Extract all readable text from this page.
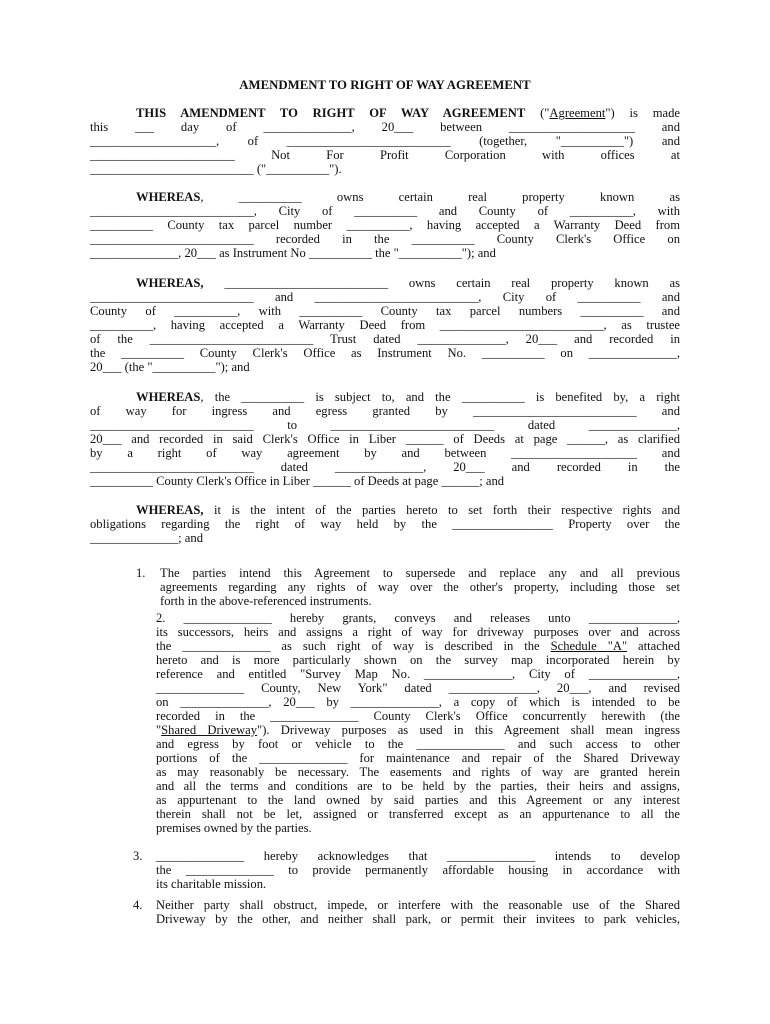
AMENDMENT TO RIGHT OF WAY AGREEMENT
THIS AMENDMENT TO RIGHT OF WAY AGREEMENT ("Agreement") is made
this ___ day of ______________, 20___ between ____________________ and
____________________, of __________________________ (together, "__________") and
_______________________ Not For Profit Corporation with offices at
__________________________ ("__________").
WHEREAS, __________ owns certain real property known as
__________________________, City of __________ and County of __________, with
__________ County tax parcel number __________, having accepted a Warranty Deed from
__________________________ recorded in the __________ County Clerk's Office on
______________, 20___ as Instrument No __________ the "__________"); and
WHEREAS, __________________________ owns certain real property known as
__________________________ and __________________________, City of __________ and
County of __________, with __________ County tax parcel numbers __________ and
__________, having accepted a Warranty Deed from __________________________, as trustee
of the __________________________ Trust dated ______________, 20___ and recorded in
the __________ County Clerk's Office as Instrument No. __________ on ______________,
20___ (the "__________"); and
WHEREAS, the __________ is subject to, and the __________ is benefited by, a right
of way for ingress and egress granted by __________________________ and
__________________________ to __________________________ dated ______________,
20___ and recorded in said Clerk's Office in Liber ______ of Deeds at page ______, as clarified
by a right of way agreement by and between ____________________ and
__________________________ dated ______________, 20___ and recorded in the
__________ County Clerk's Office in Liber ______ of Deeds at page ______; and
WHEREAS, it is the intent of the parties hereto to set forth their respective rights and
obligations regarding the right of way held by the ________________ Property over the
______________; and
1. The parties intend this Agreement to supersede and replace any and all previous
agreements regarding any rights of way over the other's property, including those set
forth in the above-referenced instruments.
2. ______________ hereby grants, conveys and releases unto ______________,
its successors, heirs and assigns a right of way for driveway purposes over and across
the ______________ as such right of way is described in the Schedule "A" attached
hereto and is more particularly shown on the survey map incorporated herein by
reference and entitled "Survey Map No. ______________, City of ______________,
______________ County, New York" dated ______________, 20___, and revised
on ______________, 20___ by ______________, a copy of which is intended to be
recorded in the ______________ County Clerk's Office concurrently herewith (the
"Shared Driveway"). Driveway purposes as used in this Agreement shall mean ingress
and egress by foot or vehicle to the ______________ and such access to other
portions of the ______________ for maintenance and repair of the Shared Driveway
as may reasonably be necessary. The easements and rights of way are granted herein
and all the terms and conditions are to be held by the parties, their heirs and assigns,
as appurtenant to the land owned by said parties and this Agreement or any interest
therein shall not be let, assigned or transferred except as an appurtenance to all the
premises owned by the parties.
3. ______________ hereby acknowledges that ______________ intends to develop
the ______________ to provide permanently affordable housing in accordance with
its charitable mission.
4. Neither party shall obstruct, impede, or interfere with the reasonable use of the Shared
Driveway by the other, and neither shall park, or permit their invitees to park vehicles,
